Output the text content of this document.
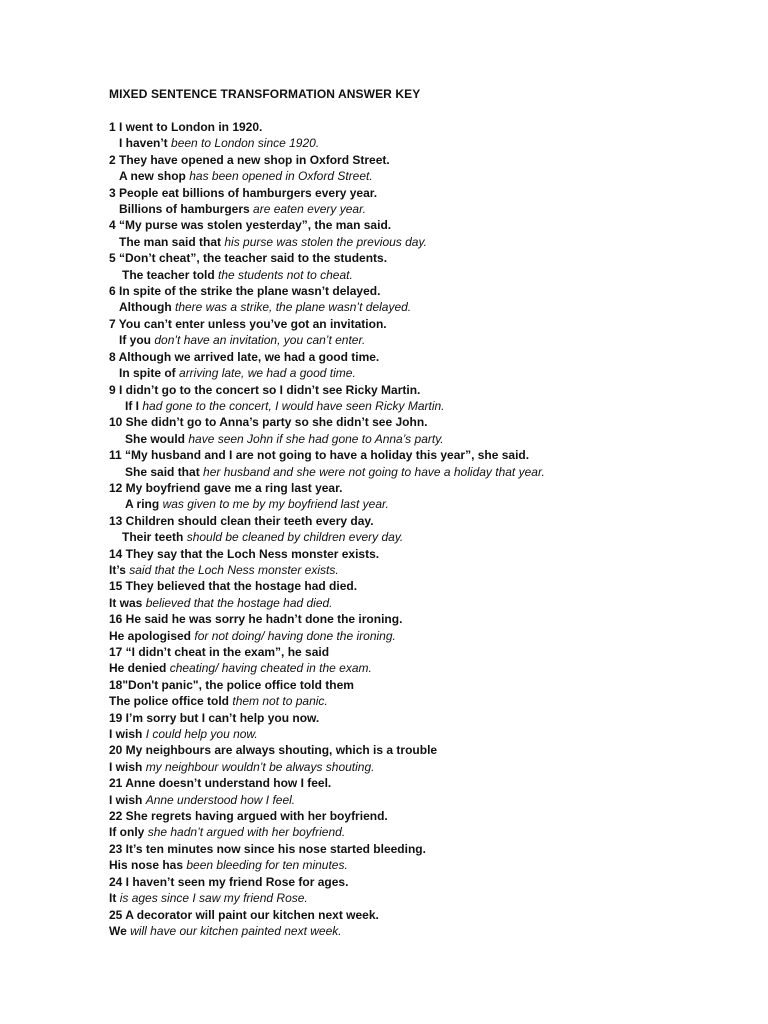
MIXED SENTENCE TRANSFORMATION ANSWER KEY
1 I went to London in 1920.
I haven’t been to London since 1920.
2 They have opened a new shop in Oxford Street.
A new shop has been opened in Oxford Street.
3 People eat billions of hamburgers every year.
Billions of hamburgers are eaten every year.
4 “My purse was stolen yesterday”, the man said.
The man said that his purse was stolen the previous day.
5 “Don’t cheat”, the teacher said to the students.
The teacher told the students not to cheat.
6 In spite of the strike the plane wasn’t delayed.
Although there was a strike, the plane wasn’t delayed.
7 You can’t enter unless you’ve got an invitation.
If you don’t have an invitation, you can’t enter.
8 Although we arrived late, we had a good time.
In spite of arriving late, we had a good time.
9 I didn’t go to the concert so I didn’t see Ricky Martin.
If I had gone to the concert, I would have seen Ricky Martin.
10 She didn’t go to Anna’s party so she didn’t see John.
She would have seen John if she had gone to Anna’s party.
11 “My husband and I are not going to have a holiday this year”, she said.
She said that her husband and she were not going to have a holiday that year.
12 My boyfriend gave me a ring last year.
A ring was given to me by my boyfriend last year.
13 Children should clean their teeth every day.
Their teeth should be cleaned by children every day.
14 They say that the Loch Ness monster exists.
It’s said that the Loch Ness monster exists.
15 They believed that the hostage had died.
It was believed that the hostage had died.
16 He said he was sorry he hadn’t done the ironing.
He apologised for not doing/ having done the ironing.
17 “I didn’t cheat in the exam”, he said
He denied cheating/ having cheated in the exam.
18"Don't panic", the police office told them
The police office told them not to panic.
19 I’m sorry but I can’t help you now.
I wish I could help you now.
20 My neighbours are always shouting, which is a trouble
I wish my neighbour wouldn’t be always shouting.
21 Anne doesn’t understand how I feel.
I wish Anne understood how I feel.
22 She regrets having argued with her boyfriend.
If only she hadn’t argued with her boyfriend.
23 It’s ten minutes now since his nose started bleeding.
His nose has been bleeding for ten minutes.
24 I haven’t seen my friend Rose for ages.
It is ages since I saw my friend Rose.
25 A decorator will paint our kitchen next week.
We will have our kitchen painted next week.
